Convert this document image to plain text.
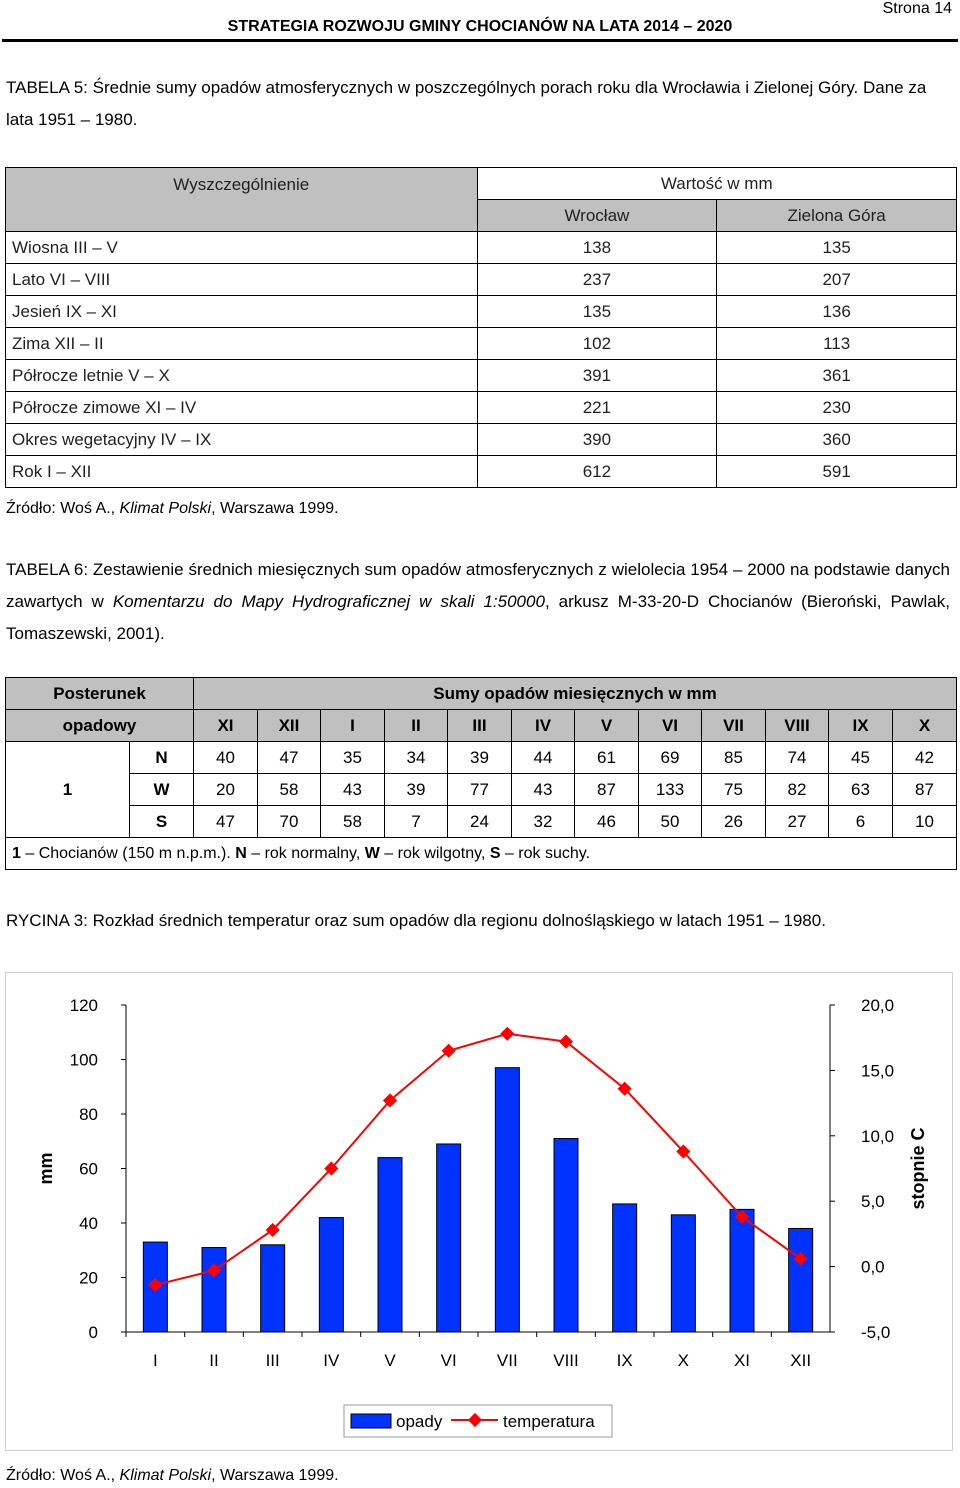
Strona 14
STRATEGIA ROZWOJU GMINY CHOCIANÓW NA LATA 2014 – 2020
TABELA 5: Średnie sumy opadów atmosferycznych w poszczególnych porach roku dla Wrocławia i Zielonej Góry. Dane za lata 1951 – 1980.
Wyszczególnienie	Wartość w mm	
	Wrocław	Zielona Góra
Wiosna III – V	138	135
Lato VI – VIII	237	207
Jesień IX – XI	135	136
Zima XII – II	102	113
Półrocze letnie V – X	391	361
Półrocze zimowe XI – IV	221	230
Okres wegetacyjny IV – IX	390	360
Rok I – XII	612	591
Źródło: Woś A., Klimat Polski, Warszawa 1999.
TABELA 6: Zestawienie średnich miesięcznych sum opadów atmosferycznych z wielolecia 1954 – 2000 na podstawie danych zawartych w Komentarzu do Mapy Hydrograficznej w skali 1:50000, arkusz M-33-20-D Chocianów (Bieroński, Pawlak, Tomaszewski, 2001).
Posterunek		Sumy opadów miesięcznych w mm											
opadowy		XI	XII	I	II	III	IV	V	VI	VII	VIII	IX	X
1	N	40	47	35	34	39	44	61	69	85	74	45	42
	W	20	58	43	39	77	43	87	133	75	82	63	87
	S	47	70	58	7	24	32	46	50	26	27	6	10
1 – Chocianów (150 m n.p.m.). N – rok normalny, W – rok wilgotny, S – rok suchy.													
RYCINA 3: Rozkład średnich temperatur oraz sum opadów dla regionu dolnośląskiego w latach 1951 – 1980.
0
20
40
60
80
100
120
-5,0
0,0
5,0
10,0
15,0
20,0
mm	stopnie C
I	II	III	IV	V	VI VII VIII IX	X	XI XII
opady	temperatura
Źródło: Woś A., Klimat Polski, Warszawa 1999.
